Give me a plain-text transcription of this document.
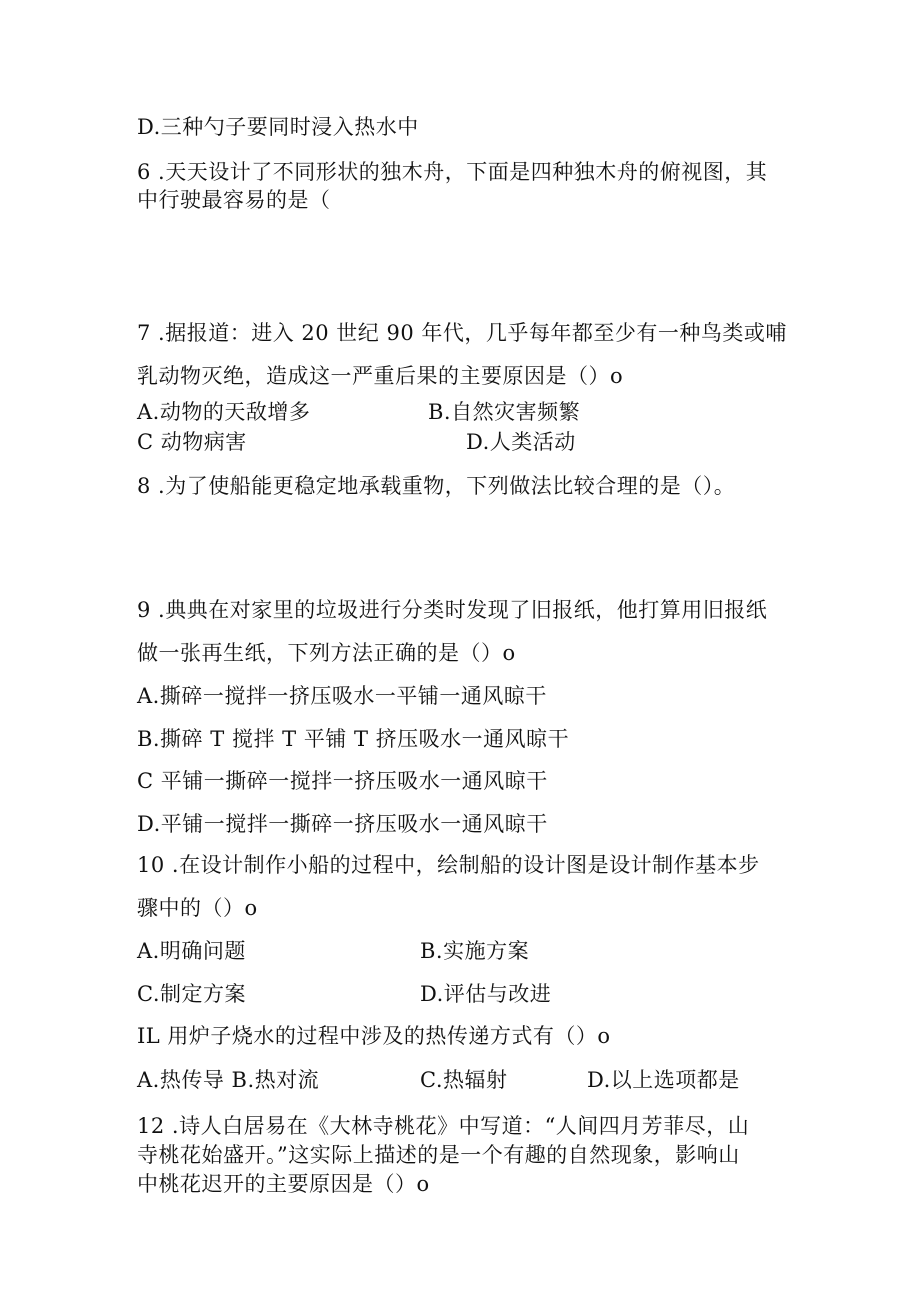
D.三种勺子要同时浸入热水中
6 .天天设计了不同形状的独木舟，下面是四种独木舟的俯视图，其
中行驶最容易的是（
7 .据报道：进入 20 世纪 90 年代，几乎每年都至少有一种鸟类或哺
乳动物灭绝，造成这一严重后果的主要原因是（）o
A.动物的天敌增多	B.自然灾害频繁
C 动物病害	D.人类活动
8 .为了使船能更稳定地承载重物，下列做法比较合理的是（）。
9 .典典在对家里的垃圾进行分类时发现了旧报纸，他打算用旧报纸
做一张再生纸，下列方法正确的是（）o
A.撕碎一搅拌一挤压吸水一平铺一通风晾干
B.撕碎 T 搅拌 T 平铺 T 挤压吸水一通风晾干
C 平铺一撕碎一搅拌一挤压吸水一通风晾干
D.平铺一搅拌一撕碎一挤压吸水一通风晾干
10 .在设计制作小船的过程中，绘制船的设计图是设计制作基本步
骤中的（）o
A.明确问题	B.实施方案
C.制定方案	D.评估与改进
IL 用炉子烧水的过程中涉及的热传递方式有（）o
A.热传导 B.热对流	C.热辐射	D.以上选项都是
12 .诗人白居易在《大林寺桃花》中写道：“人间四月芳菲尽，山
寺桃花始盛开。”这实际上描述的是一个有趣的自然现象，影响山
中桃花迟开的主要原因是（）o
